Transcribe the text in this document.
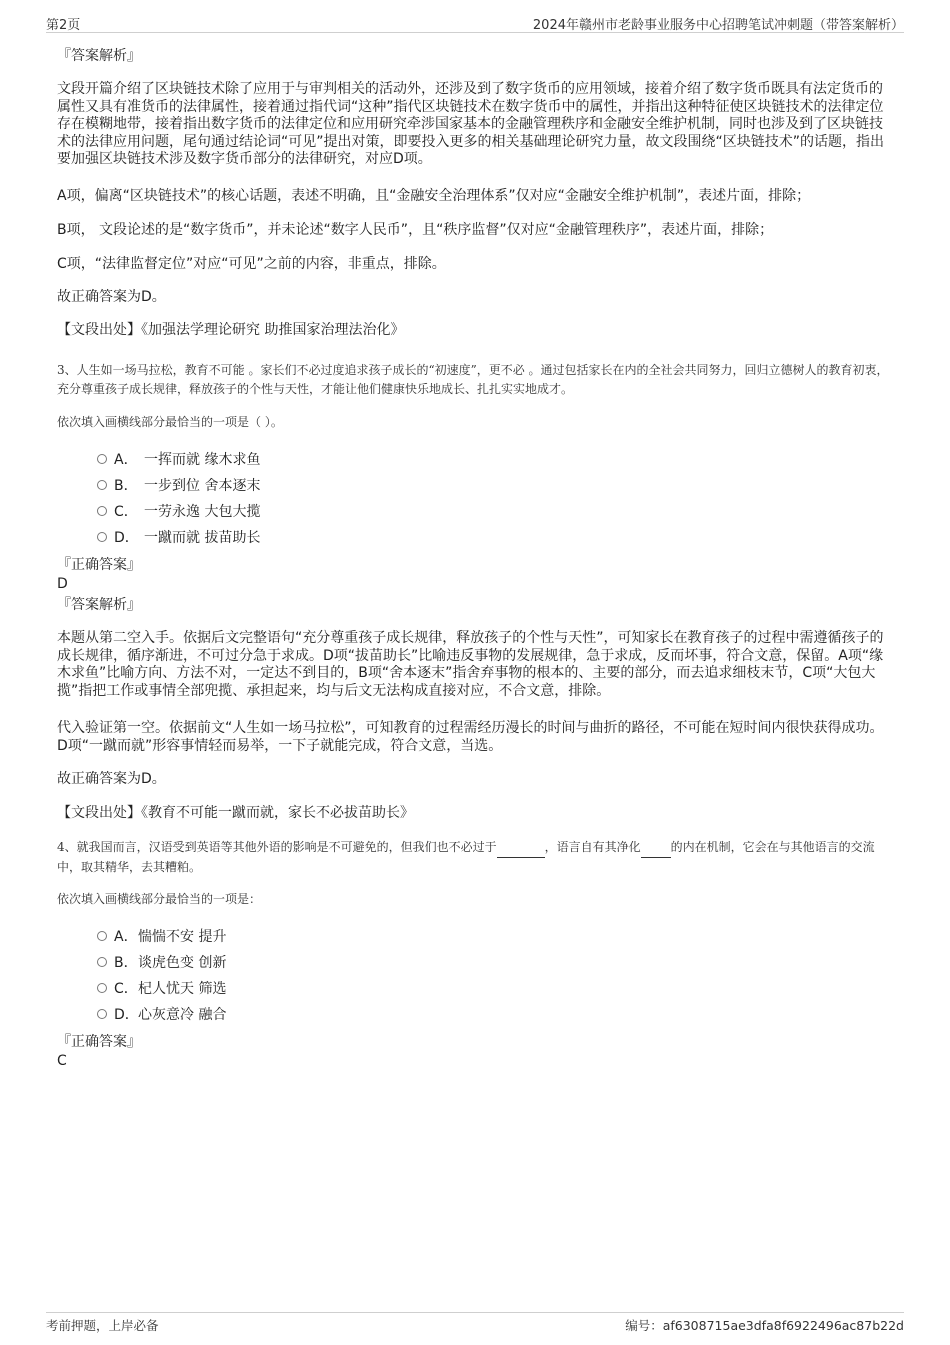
第2页	2024年赣州市老龄事业服务中心招聘笔试冲刺题（带答案解析）
『答案解析』
文段开篇介绍了区块链技术除了应用于与审判相关的活动外，还涉及到了数字货币的应用领域，接着介绍了数字货币既具有法定货币的属性又具有准货币的法律属性，接着通过指代词“这种”指代区块链技术在数字货币中的属性，并指出这种特征使区块链技术的法律定位存在模糊地带，接着指出数字货币的法律定位和应用研究牵涉国家基本的金融管理秩序和金融安全维护机制，同时也涉及到了区块链技术的法律应用问题，尾句通过结论词“可见”提出对策，即要投入更多的相关基础理论研究力量，故文段围绕“区块链技术”的话题，指出要加强区块链技术涉及数字货币部分的法律研究，对应D项。
A项，偏离“区块链技术”的核心话题，表述不明确，且“金融安全治理体系”仅对应“金融安全维护机制”，表述片面，排除；
B项， 文段论述的是“数字货币”，并未论述“数字人民币”，且“秩序监督”仅对应“金融管理秩序”，表述片面，排除；
C项，“法律监督定位”对应“可见”之前的内容，非重点，排除。
故正确答案为D。
【文段出处】《加强法学理论研究 助推国家治理法治化》
3、人生如一场马拉松，教育不可能 。家长们不必过度追求孩子成长的“初速度”，更不必 。通过包括家长在内的全社会共同努力，回归立德树人的教育初衷，充分尊重孩子成长规律，释放孩子的个性与天性，才能让他们健康快乐地成长、扎扎实实地成才。
依次填入画横线部分最恰当的一项是（ ）。
A． 一挥而就 缘木求鱼
B． 一步到位 舍本逐末
C． 一劳永逸 大包大揽
D． 一蹴而就 拔苗助长
『正确答案』
D
『答案解析』
本题从第二空入手。依据后文完整语句“充分尊重孩子成长规律，释放孩子的个性与天性”，可知家长在教育孩子的过程中需遵循孩子的成长规律，循序渐进，不可过分急于求成。D项“拔苗助长”比喻违反事物的发展规律，急于求成，反而坏事，符合文意，保留。A项“缘木求鱼”比喻方向、方法不对，一定达不到目的，B项“舍本逐末”指舍弃事物的根本的、主要的部分，而去追求细枝末节，C项“大包大揽”指把工作或事情全部兜揽、承担起来，均与后文无法构成直接对应，不合文意，排除。
代入验证第一空。依据前文“人生如一场马拉松”，可知教育的过程需经历漫长的时间与曲折的路径，不可能在短时间内很快获得成功。D项“一蹴而就”形容事情轻而易举，一下子就能完成，符合文意，当选。
故正确答案为D。
【文段出处】《教育不可能一蹴而就，家长不必拔苗助长》
4、就我国而言，汉语受到英语等其他外语的影响是不可避免的，但我们也不必过于	，语言自有其净化	的内在机制，它会在与其他语言的交流中，取其精华，去其糟粕。
依次填入画横线部分最恰当的一项是：
A．惴惴不安 提升
B．谈虎色变 创新
C．杞人忧天 筛选
D．心灰意冷 融合
『正确答案』
C
考前押题，上岸必备	编号：af6308715ae3dfa8f6922496ac87b22d
